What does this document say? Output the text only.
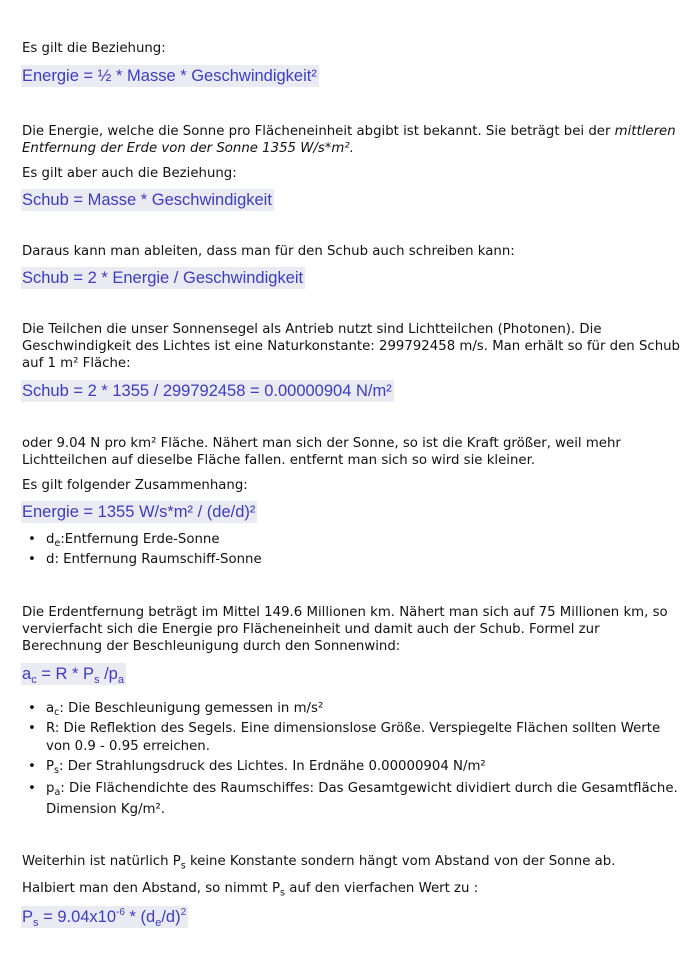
Es gilt die Beziehung:

Energie = ½ * Masse * Geschwindigkeit²

Die Energie, welche die Sonne pro Flächeneinheit abgibt ist bekannt. Sie beträgt bei der mittleren Entfernung der Erde von der Sonne 1355 W/s*m².

Es gilt aber auch die Beziehung:

Schub = Masse * Geschwindigkeit

Daraus kann man ableiten, dass man für den Schub auch schreiben kann:

Schub = 2 * Energie / Geschwindigkeit

Die Teilchen die unser Sonnensegel als Antrieb nutzt sind Lichtteilchen (Photonen). Die Geschwindigkeit des Lichtes ist eine Naturkonstante: 299792458 m/s. Man erhält so für den Schub auf 1 m² Fläche:

Schub = 2 * 1355 / 299792458 = 0.00000904 N/m²

oder 9.04 N pro km² Fläche. Nähert man sich der Sonne, so ist die Kraft größer, weil mehr Lichtteilchen auf dieselbe Fläche fallen. entfernt man sich so wird sie kleiner.

Es gilt folgender Zusammenhang:

Energie = 1355 W/s*m² / (de/d)²
• $d_e:Entfernung$ Erde-Sonne
• d: Entfernung Raumschiff-Sonne

Die Erdentfernung beträgt im Mittel 149.6 Millionen km. Nähert man sich auf 75 Millionen km, so vervierfacht sich die Energie pro Flächeneinheit und damit auch der Schub. Formel zur Berechnung der Beschleunigung durch den Sonnenwind:

$a_c = R * P_s$ $/p_a$
• $a_c$: Die Beschleunigung gemessen in m/s²
• R: Die Reflektion des Segels. Eine dimensionslose Größe. Verspiegelte Flächen sollten Werte von 0.9 - 0.95 erreichen.
• $P_s$: Der Strahlungsdruck des Lichtes. In Erdnähe 0.00000904 N/m²
• $p_a$: Die Flächendichte des Raumschiffes: Das Gesamtgewicht dividiert durch die Gesamtfläche. Dimension Kg/m².

Weiterhin ist natürlich $P_s$ keine Konstante sondern hängt vom Abstand von der Sonne ab.
Halbiert man den Abstand, so nimmt $P_s$ auf den vierfachen Wert zu :

$P_s = 9.04x10^{-6} * (d_e/d)^2$
